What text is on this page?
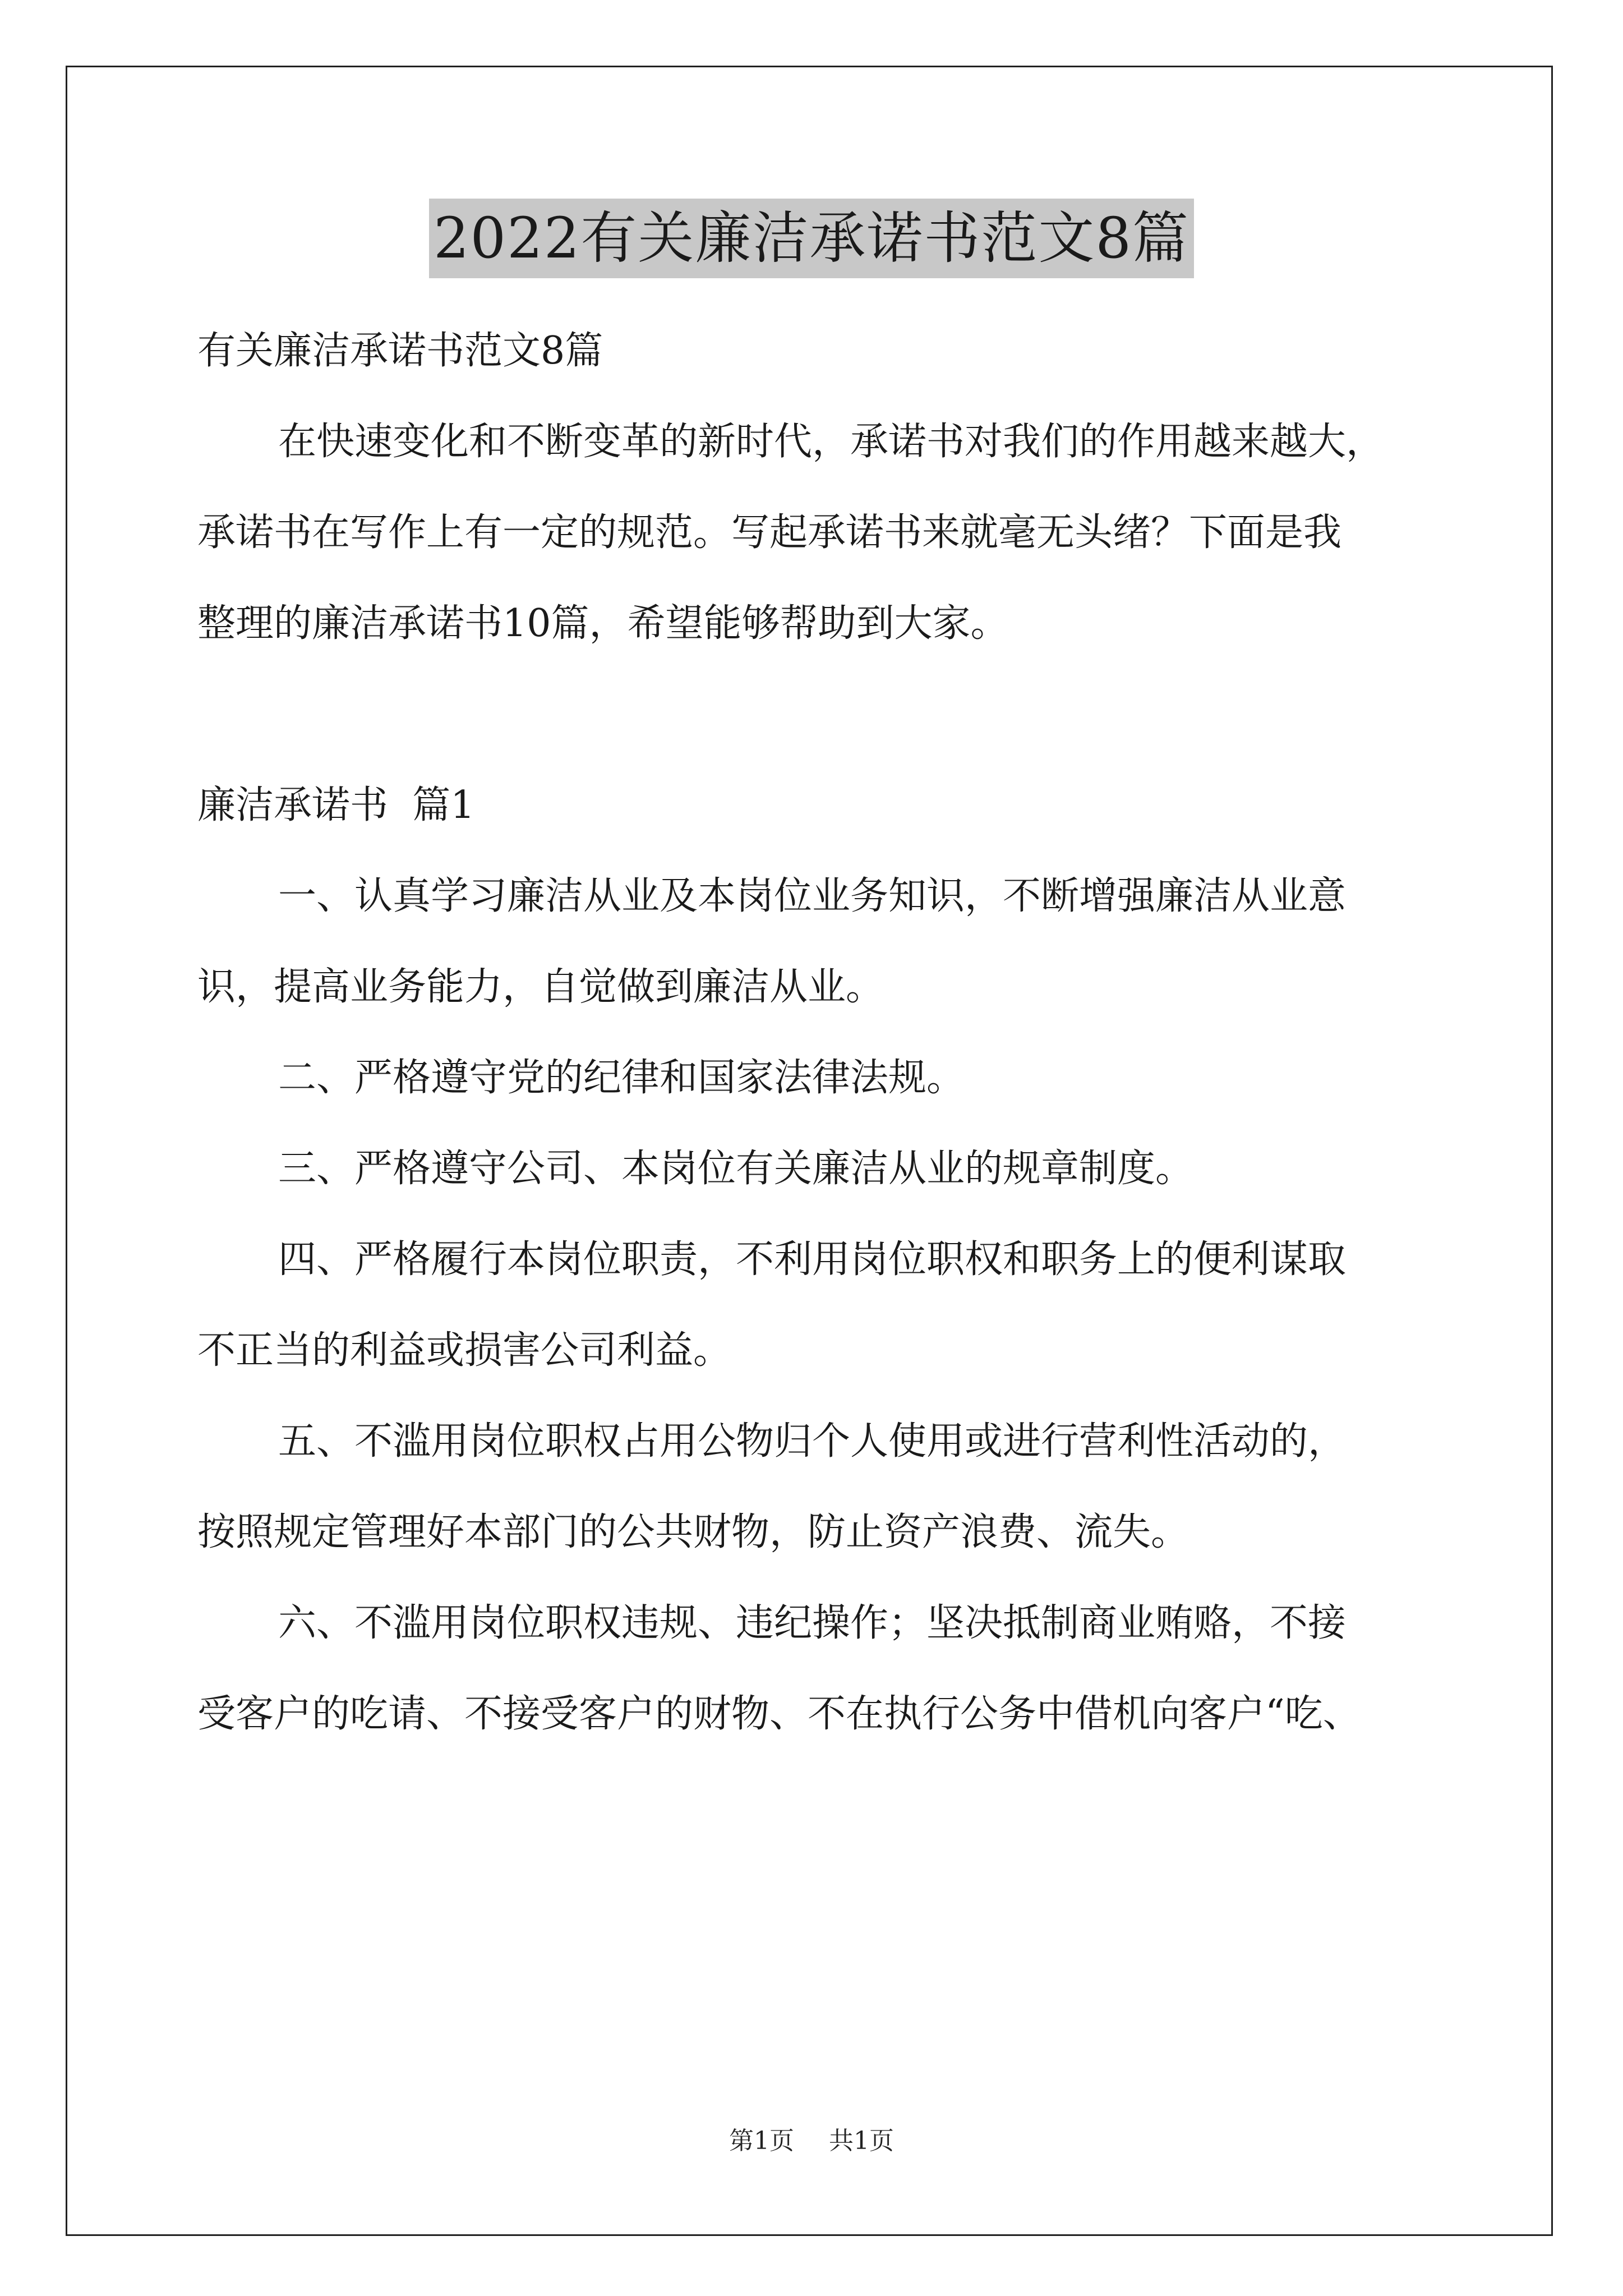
2022有关廉洁承诺书范文8篇

有关廉洁承诺书范文8篇

在快速变化和不断变革的新时代，承诺书对我们的作用越来越大，

承诺书在写作上有一定的规范。写起承诺书来就毫无头绪？下面是我

整理的廉洁承诺书10篇，希望能够帮助到大家。

廉洁承诺书  篇1

一、认真学习廉洁从业及本岗位业务知识，不断增强廉洁从业意

识，提高业务能力，自觉做到廉洁从业。

二、严格遵守党的纪律和国家法律法规。

三、严格遵守公司、本岗位有关廉洁从业的规章制度。

四、严格履行本岗位职责，不利用岗位职权和职务上的便利谋取

不正当的利益或损害公司利益。

五、不滥用岗位职权占用公物归个人使用或进行营利性活动的，

按照规定管理好本部门的公共财物，防止资产浪费、流失。

六、不滥用岗位职权违规、违纪操作；坚决抵制商业贿赂，不接

受客户的吃请、不接受客户的财物、不在执行公务中借机向客户“吃、

第1页 共1页
